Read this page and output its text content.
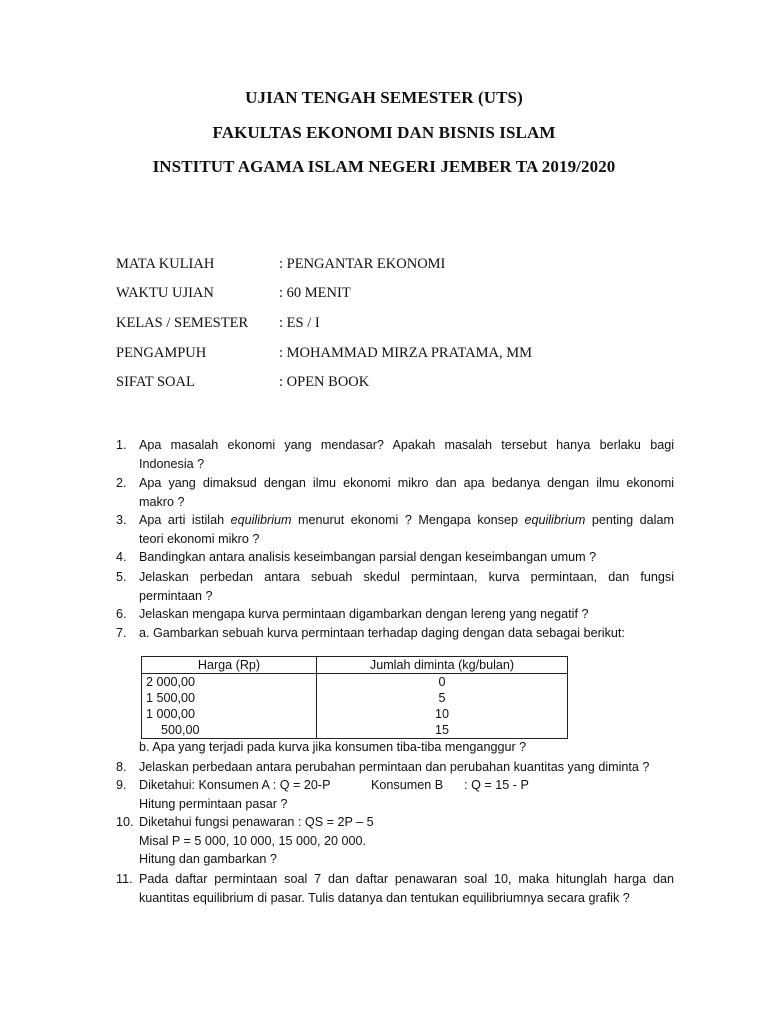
UJIAN TENGAH SEMESTER (UTS)
FAKULTAS EKONOMI DAN BISNIS ISLAM
INSTITUT AGAMA ISLAM NEGERI JEMBER TA 2019/2020
MATA KULIAH	: PENGANTAR EKONOMI
WAKTU UJIAN	: 60 MENIT
KELAS / SEMESTER : ES / I
PENGAMPUH	: MOHAMMAD MIRZA PRATAMA, MM
SIFAT SOAL	: OPEN BOOK
1. Apa masalah ekonomi yang mendasar? Apakah masalah tersebut hanya berlaku bagi
Indonesia ?
2. Apa yang dimaksud dengan ilmu ekonomi mikro dan apa bedanya dengan ilmu ekonomi
makro ?
3. Apa arti istilah equilibrium menurut ekonomi ? Mengapa konsep equilibrium penting dalam
teori ekonomi mikro ?
4. Bandingkan antara analisis keseimbangan parsial dengan keseimbangan umum ?
5. Jelaskan perbedan antara sebuah skedul permintaan, kurva permintaan, dan fungsi
permintaan ?
6. Jelaskan mengapa kurva permintaan digambarkan dengan lereng yang negatif ?
7. a. Gambarkan sebuah kurva permintaan terhadap daging dengan data sebagai berikut:
Harga (Rp)	Jumlah diminta (kg/bulan)
2 000,00	0
1 500,00	5
1 000,00	10
500,00	15
b. Apa yang terjadi pada kurva jika konsumen tiba-tiba menganggur ?
8. Jelaskan perbedaan antara perubahan permintaan dan perubahan kuantitas yang diminta ?
9. Diketahui: Konsumen A : Q = 20-P	Konsumen B      : Q = 15 - P
Hitung permintaan pasar ?
10. Diketahui fungsi penawaran : QS = 2P – 5
Misal P = 5 000, 10 000, 15 000, 20 000.
Hitung dan gambarkan ?
11. Pada daftar permintaan soal 7 dan daftar penawaran soal 10, maka hitunglah harga dan
kuantitas equilibrium di pasar. Tulis datanya dan tentukan equilibriumnya secara grafik ?
